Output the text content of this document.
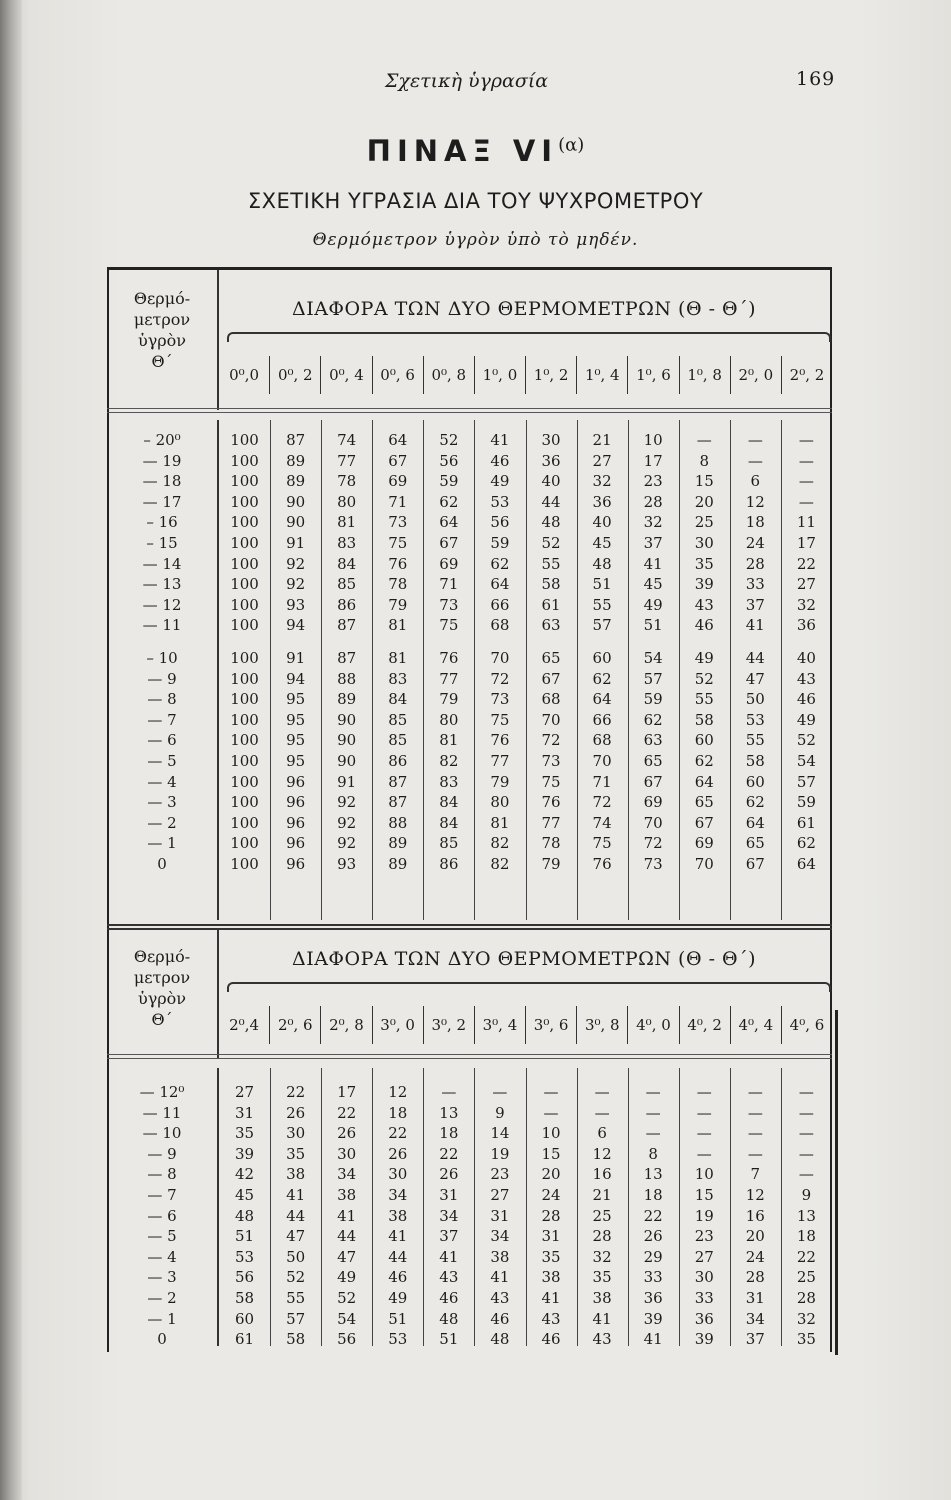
Σχετικὴ ὑγρασία	169
ΠΙΝΑΞ $VI^{(\alpha)}$
ΣΧΕΤΙΚΗ ΥΓΡΑΣΙΑ ΔΙΑ ΤΟΥ ΨΥΧΡΟΜΕΤΡΟΥ
Θερμόμετρον ὑγρὸν ὑπὸ τὸ μηδέν.
Θερμό-
μετρον
ὑγρὸν
Θ΄
ΔΙΑΦΟΡΑ ΤΩΝ ΔΥΟ ΘΕΡΜΟΜΕΤΡΩΝ (Θ - Θ΄)
0⁰,0	0⁰, 2	0⁰, 4	0⁰, 6	0⁰, 8	1⁰, 0	1⁰, 2	1⁰, 4	1⁰, 6	1⁰, 8	2⁰, 0	2⁰, 2
– 20⁰	100	87	74	64	52	41	30	21	10	—	—	—
— 19	100	89	77	67	56	46	36	27	17	8	—	—
— 18	100	89	78	69	59	49	40	32	23	15	6	—
— 17	100	90	80	71	62	53	44	36	28	20	12	—
– 16	100	90	81	73	64	56	48	40	32	25	18	11
– 15	100	91	83	75	67	59	52	45	37	30	24	17
— 14	100	92	84	76	69	62	55	48	41	35	28	22
— 13	100	92	85	78	71	64	58	51	45	39	33	27
— 12	100	93	86	79	73	66	61	55	49	43	37	32
— 11	100	94	87	81	75	68	63	57	51	46	41	36
– 10	100	91	87	81	76	70	65	60	54	49	44	40
— 9	100	94	88	83	77	72	67	62	57	52	47	43
— 8	100	95	89	84	79	73	68	64	59	55	50	46
— 7	100	95	90	85	80	75	70	66	62	58	53	49
— 6	100	95	90	85	81	76	72	68	63	60	55	52
— 5	100	95	90	86	82	77	73	70	65	62	58	54
— 4	100	96	91	87	83	79	75	71	67	64	60	57
— 3	100	96	92	87	84	80	76	72	69	65	62	59
— 2	100	96	92	88	84	81	77	74	70	67	64	61
— 1	100	96	92	89	85	82	78	75	72	69	65	62
0	100	96	93	89	86	82	79	76	73	70	67	64
Θερμό-
μετρον
ὑγρὸν
Θ΄
ΔΙΑΦΟΡΑ ΤΩΝ ΔΥΟ ΘΕΡΜΟΜΕΤΡΩΝ (Θ - Θ΄)
2⁰,4	2⁰, 6	2⁰, 8	3⁰, 0	3⁰, 2	3⁰, 4	3⁰, 6	3⁰, 8	4⁰, 0	4⁰, 2	4⁰, 4	4⁰, 6
— 12⁰	27	22	17	12	—	—	—	—	—	—	—	—
— 11	31	26	22	18	13	9	—	—	—	—	—	—
— 10	35	30	26	22	18	14	10	6	—	—	—	—
— 9	39	35	30	26	22	19	15	12	8	—	—	—
— 8	42	38	34	30	26	23	20	16	13	10	7	—
— 7	45	41	38	34	31	27	24	21	18	15	12	9
— 6	48	44	41	38	34	31	28	25	22	19	16	13
— 5	51	47	44	41	37	34	31	28	26	23	20	18
— 4	53	50	47	44	41	38	35	32	29	27	24	22
— 3	56	52	49	46	43	41	38	35	33	30	28	25
— 2	58	55	52	49	46	43	41	38	36	33	31	28
— 1	60	57	54	51	48	46	43	41	39	36	34	32
0	61	58	56	53	51	48	46	43	41	39	37	35
